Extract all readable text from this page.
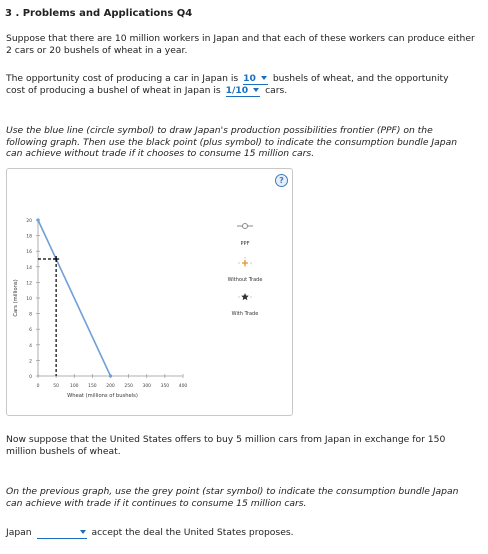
3 . Problems and Applications Q4
Suppose that there are 10 million workers in Japan and that each of these workers can produce either 2 cars or 20 bushels of wheat in a year.
The opportunity cost of producing a car in Japan is 10 bushels of wheat, and the opportunity
cost of producing a bushel of wheat in Japan is 1/10 cars.
Use the blue line (circle symbol) to draw Japan's production possibilities frontier (PPF) on the following graph. Then use the black point (plus symbol) to indicate the consumption bundle Japan can achieve without trade if it chooses to consume 15 million cars.
?
0
2
4
6
8
10
12
14
16
18
20
0	50 100 150 200 250 300 350 400
Wheat (millions of bushels)
Cars (millions)
PPF
Without Trade
With Trade
Now suppose that the United States offers to buy 5 million cars from Japan in exchange for 150 million bushels of wheat.
On the previous graph, use the grey point (star symbol) to indicate the consumption bundle Japan can achieve with trade if it continues to consume 15 million cars.
Japan	accept the deal the United States proposes.
